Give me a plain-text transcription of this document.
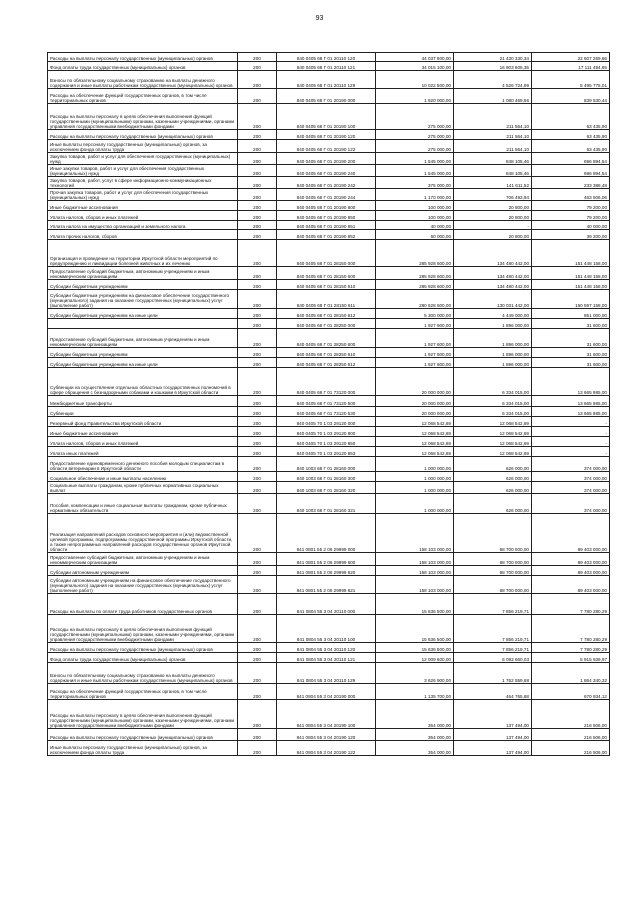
93
Расходы на выплаты персоналу государственных (муниципальных) органов	200	840 0405 68 Г 01 20110 120	44 037 600,00	21 430 330,34	22 607 269,66
Фонд оплаты труда государственных (муниципальных) органов	200	840 0405 68 Г 01 20110 121	34 015 100,00	16 903 605,35	17 111 494,65
Взносы по обязательному социальному страхованию на выплаты денежного содержания и иные выплаты работникам государственных (муниципальных) органов	200	840 0405 68 Г 01 20110 129	10 022 500,00	4 526 724,99	5 495 775,01
Расходы на обеспечение функций государственных органов, в том числе территориальных органов	200	840 0405 68 Г 01 20190 000	1 920 000,00	1 080 469,56	839 530,44
Расходы на выплаты персоналу в целях обеспечения выполнения функций государственными (муниципальными) органами, казенными учреждениями, органами управления государственными внебюджетными фондами	200	840 0405 68 Г 01 20190 100	275 000,00	211 564,10	63 435,90
Расходы на выплаты персоналу государственных (муниципальных) органов	200	840 0405 68 Г 01 20190 120	275 000,00	211 564,10	63 435,90
Иные выплаты персоналу государственных (муниципальных) органов, за исключением фонда оплаты труда	200	840 0405 68 Г 01 20190 122	275 000,00	211 564,10	63 435,90
Закупка товаров, работ и услуг для обеспечения государственных (муниципальных) нужд	200	840 0405 68 Г 01 20190 200	1 545 000,00	848 105,46	696 894,54
Иные закупки товаров, работ и услуг для обеспечения государственных (муниципальных) нужд	200	840 0405 68 Г 01 20190 240	1 545 000,00	848 105,46	696 894,54
Закупка товаров, работ, услуг в сфере информационно-коммуникационных технологий	200	840 0405 68 Г 01 20190 242	375 000,00	141 611,52	233 388,48
Прочая закупка товаров, работ и услуг для обеспечения государственных (муниципальных) нужд	200	840 0405 68 Г 01 20190 244	1 170 000,00	706 493,94	463 506,06
Иные бюджетные ассигнования	200	840 0405 68 Г 01 20190 800	100 000,00	20 800,00	79 200,00
Уплата налогов, сборов и иных платежей	200	840 0405 68 Г 01 20190 850	100 000,00	20 800,00	79 200,00
Уплата налога на имущество организаций и земельного налога	200	840 0405 68 Г 01 20190 851	40 000,00	-	40 000,00
Уплата прочих налогов, сборов	200	840 0405 68 Г 01 20190 852	60 000,00	20 800,00	39 200,00
Организация и проведение на территории Иркутской области мероприятий по предупреждению и ликвидации болезней животных и их лечению	200	840 0405 68 Г 01 28150 000	285 928 600,00	134 480 442,00	151 448 158,00
Предоставление субсидий бюджетным, автономным учреждениям и иным некоммерческим организациям	200	840 0405 68 Г 01 28150 600	285 928 600,00	134 480 442,00	151 448 158,00
Субсидии бюджетным учреждениям	200	840 0405 68 Г 01 28150 610	285 928 600,00	134 480 442,00	151 448 158,00
Субсидии бюджетным учреждениям на финансовое обеспечение государственного (муниципального) задания на оказание государственных (муниципальных) услуг (выполнение работ)	200	840 0405 68 Г 01 28150 611	280 628 600,00	130 031 442,00	150 597 158,00
Субсидии бюджетным учреждениям на иные цели	200	840 0405 68 Г 01 28150 612	5 300 000,00	4 449 000,00	851 000,00
	200	840 0405 68 Г 01 28250 000	1 927 600,00	1 896 000,00	31 600,00
Предоставление субсидий бюджетным, автономным учреждениям и иным некоммерческим организациям	200	840 0405 68 Г 01 28250 600	1 927 600,00	1 896 000,00	31 600,00
Субсидии бюджетным учреждениям	200	840 0405 68 Г 01 28250 610	1 927 600,00	1 896 000,00	31 600,00
Субсидии бюджетным учреждениям на иные цели	200	840 0405 68 Г 01 28250 612	1 927 600,00	1 896 000,00	31 600,00
Субвенции на осуществление отдельных областных государственных полномочий в сфере обращения с безнадзорными собаками и кошками в Иркутской области	200	840 0405 68 Г 01 73120 000	20 000 000,00	6 334 015,00	13 665 985,00
Межбюджетные трансферты	200	840 0405 68 Г 01 73120 500	20 000 000,00	6 334 015,00	13 665 985,00
Субвенции	200	840 0405 68 Г 01 73120 530	20 000 000,00	6 334 015,00	13 665 985,00
Резервный фонд Правительства Иркутской области	200	840 0405 70 1 03 29120 000	12 068 542,69	12 068 542,69	-
Иные бюджетные ассигнования	200	840 0405 70 1 03 29120 800	12 068 542,69	12 068 542,69	-
Уплата налогов, сборов и иных платежей	200	840 0405 70 1 03 29120 850	12 068 542,69	12 068 542,69	-
Уплата иных платежей	200	840 0405 70 1 03 29120 853	12 068 542,69	12 068 542,69	-
Предоставление единовременного денежного пособия молодым специалистам в области ветеринарии в Иркутской области	200	840 1003 68 Г 01 28160 000	1 000 000,00	626 000,00	374 000,00
Социальное обеспечение и иные выплаты населению	200	840 1003 68 Г 01 28160 300	1 000 000,00	626 000,00	374 000,00
Социальные выплаты гражданам, кроме публичных нормативных социальных выплат	200	840 1003 68 Г 01 28160 320	1 000 000,00	626 000,00	374 000,00
Пособия, компенсации и иные социальные выплаты гражданам, кроме публичных нормативных обязательств	200	840 1003 68 Г 01 28160 321	1 000 000,00	626 000,00	374 000,00
Реализация направлений расходов основного мероприятия и (или) ведомственной целевой программы, подпрограммы государственной программы Иркутской области, а также непрограммных направлений расходов государственных органов Иркутской области	200	841 0801 55 2 06 29999 000	158 103 000,00	68 700 000,00	89 403 000,00
Предоставление субсидий бюджетным, автономным учреждениям и иным некоммерческим организациям	200	841 0801 55 2 06 29999 600	158 103 000,00	68 700 000,00	89 403 000,00
Субсидии автономным учреждениям	200	841 0801 55 2 06 29999 620	158 103 000,00	68 700 000,00	89 403 000,00
Субсидии автономным учреждениям на финансовое обеспечение государственного (муниципального) задания на оказание государственных (муниципальных) услуг (выполнение работ)	200	841 0801 55 2 06 29999 621	158 103 000,00	68 700 000,00	89 403 000,00
Расходы на выплаты по оплате труда работников государственных органов	200	841 0804 55 3 04 20110 000	15 636 500,00	7 856 219,71	7 780 280,29
Расходы на выплаты персоналу в целях обеспечения выполнения функций государственными (муниципальными) органами, казенными учреждениями, органами управления государственными внебюджетными фондами	200	841 0804 55 3 04 20110 100	15 636 500,00	7 856 219,71	7 780 280,29
Расходы на выплаты персоналу государственных (муниципальных) органов	200	841 0804 55 3 04 20110 120	15 636 500,00	7 856 219,71	7 780 280,29
Фонд оплаты труда государственных (муниципальных) органов	200	841 0804 55 3 04 20110 121	12 009 600,00	6 093 660,03	5 915 939,97
Взносы по обязательному социальному страхованию на выплаты денежного содержания и иные выплаты работникам государственных (муниципальных) органов	200	841 0804 55 3 04 20110 129	3 626 900,00	1 762 559,68	1 864 340,32
Расходы на обеспечение функций государственных органов, в том числе территориальных органов	200	841 0804 55 3 04 20190 000	1 135 700,00	464 765,88	670 934,12
Расходы на выплаты персоналу в целях обеспечения выполнения функций государственными (муниципальными) органами, казенными учреждениями, органами управления государственными внебюджетными фондами	200	841 0804 55 3 04 20190 100	354 000,00	137 494,00	216 506,00
Расходы на выплаты персоналу государственных (муниципальных) органов	200	841 0804 55 3 04 20190 120	354 000,00	137 494,00	216 506,00
Иные выплаты персоналу государственных (муниципальных) органов, за исключением фонда оплаты труда	200	841 0804 55 3 04 20190 122	354 000,00	137 494,00	216 506,00
